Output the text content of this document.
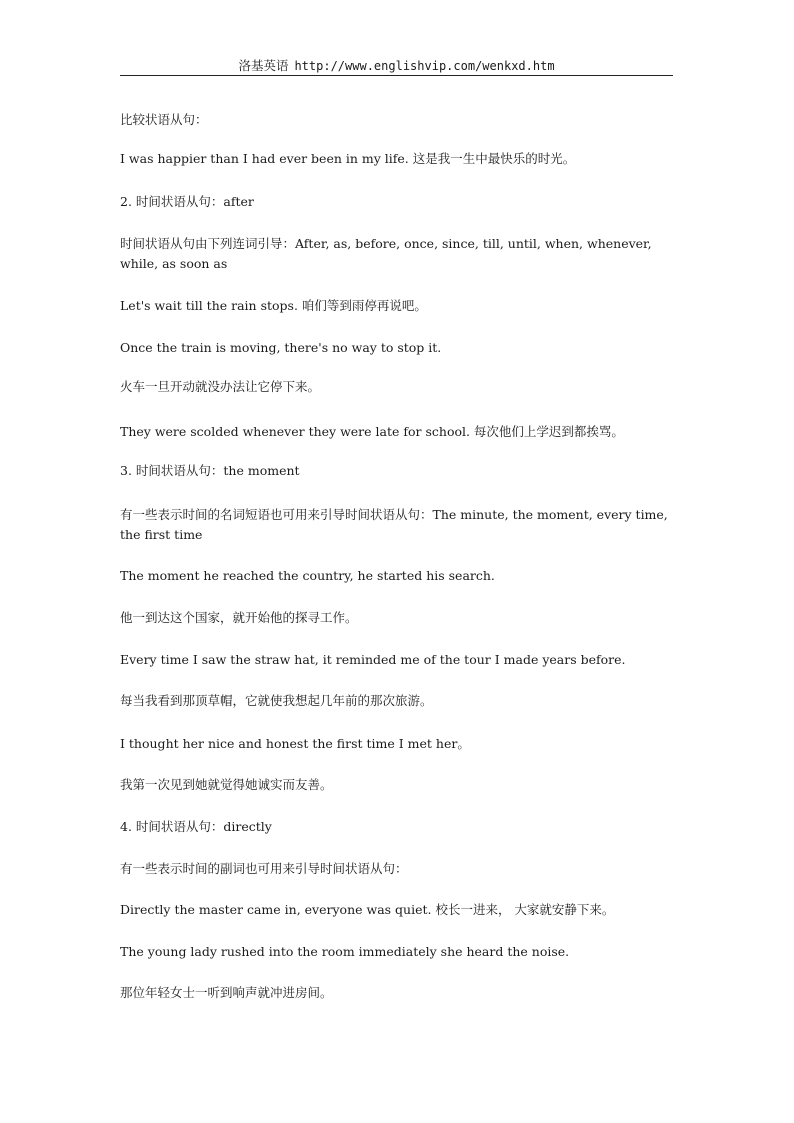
洛基英语 http://www.englishvip.com/wenkxd.htm
比较状语从句：
I was happier than I had ever been in my life. 这是我一生中最快乐的时光。
2. 时间状语从句：after
时间状语从句由下列连词引导：After, as, before, once, since, till, until, when, whenever, while, as soon as
Let's wait till the rain stops. 咱们等到雨停再说吧。
Once the train is moving, there's no way to stop it.
火车一旦开动就没办法让它停下来。
They were scolded whenever they were late for school. 每次他们上学迟到都挨骂。
3. 时间状语从句：the moment
有一些表示时间的名词短语也可用来引导时间状语从句：The minute, the moment, every time, the first time
The moment he reached the country, he started his search.
他一到达这个国家，就开始他的探寻工作。
Every time I saw the straw hat, it reminded me of the tour I made years before.
每当我看到那顶草帽，它就使我想起几年前的那次旅游。
I thought her nice and honest the first time I met her。
我第一次见到她就觉得她诚实而友善。
4. 时间状语从句：directly
有一些表示时间的副词也可用来引导时间状语从句：
Directly the master came in, everyone was quiet. 校长一进来， 大家就安静下来。
The young lady rushed into the room immediately she heard the noise.
那位年轻女士一听到响声就冲进房间。
